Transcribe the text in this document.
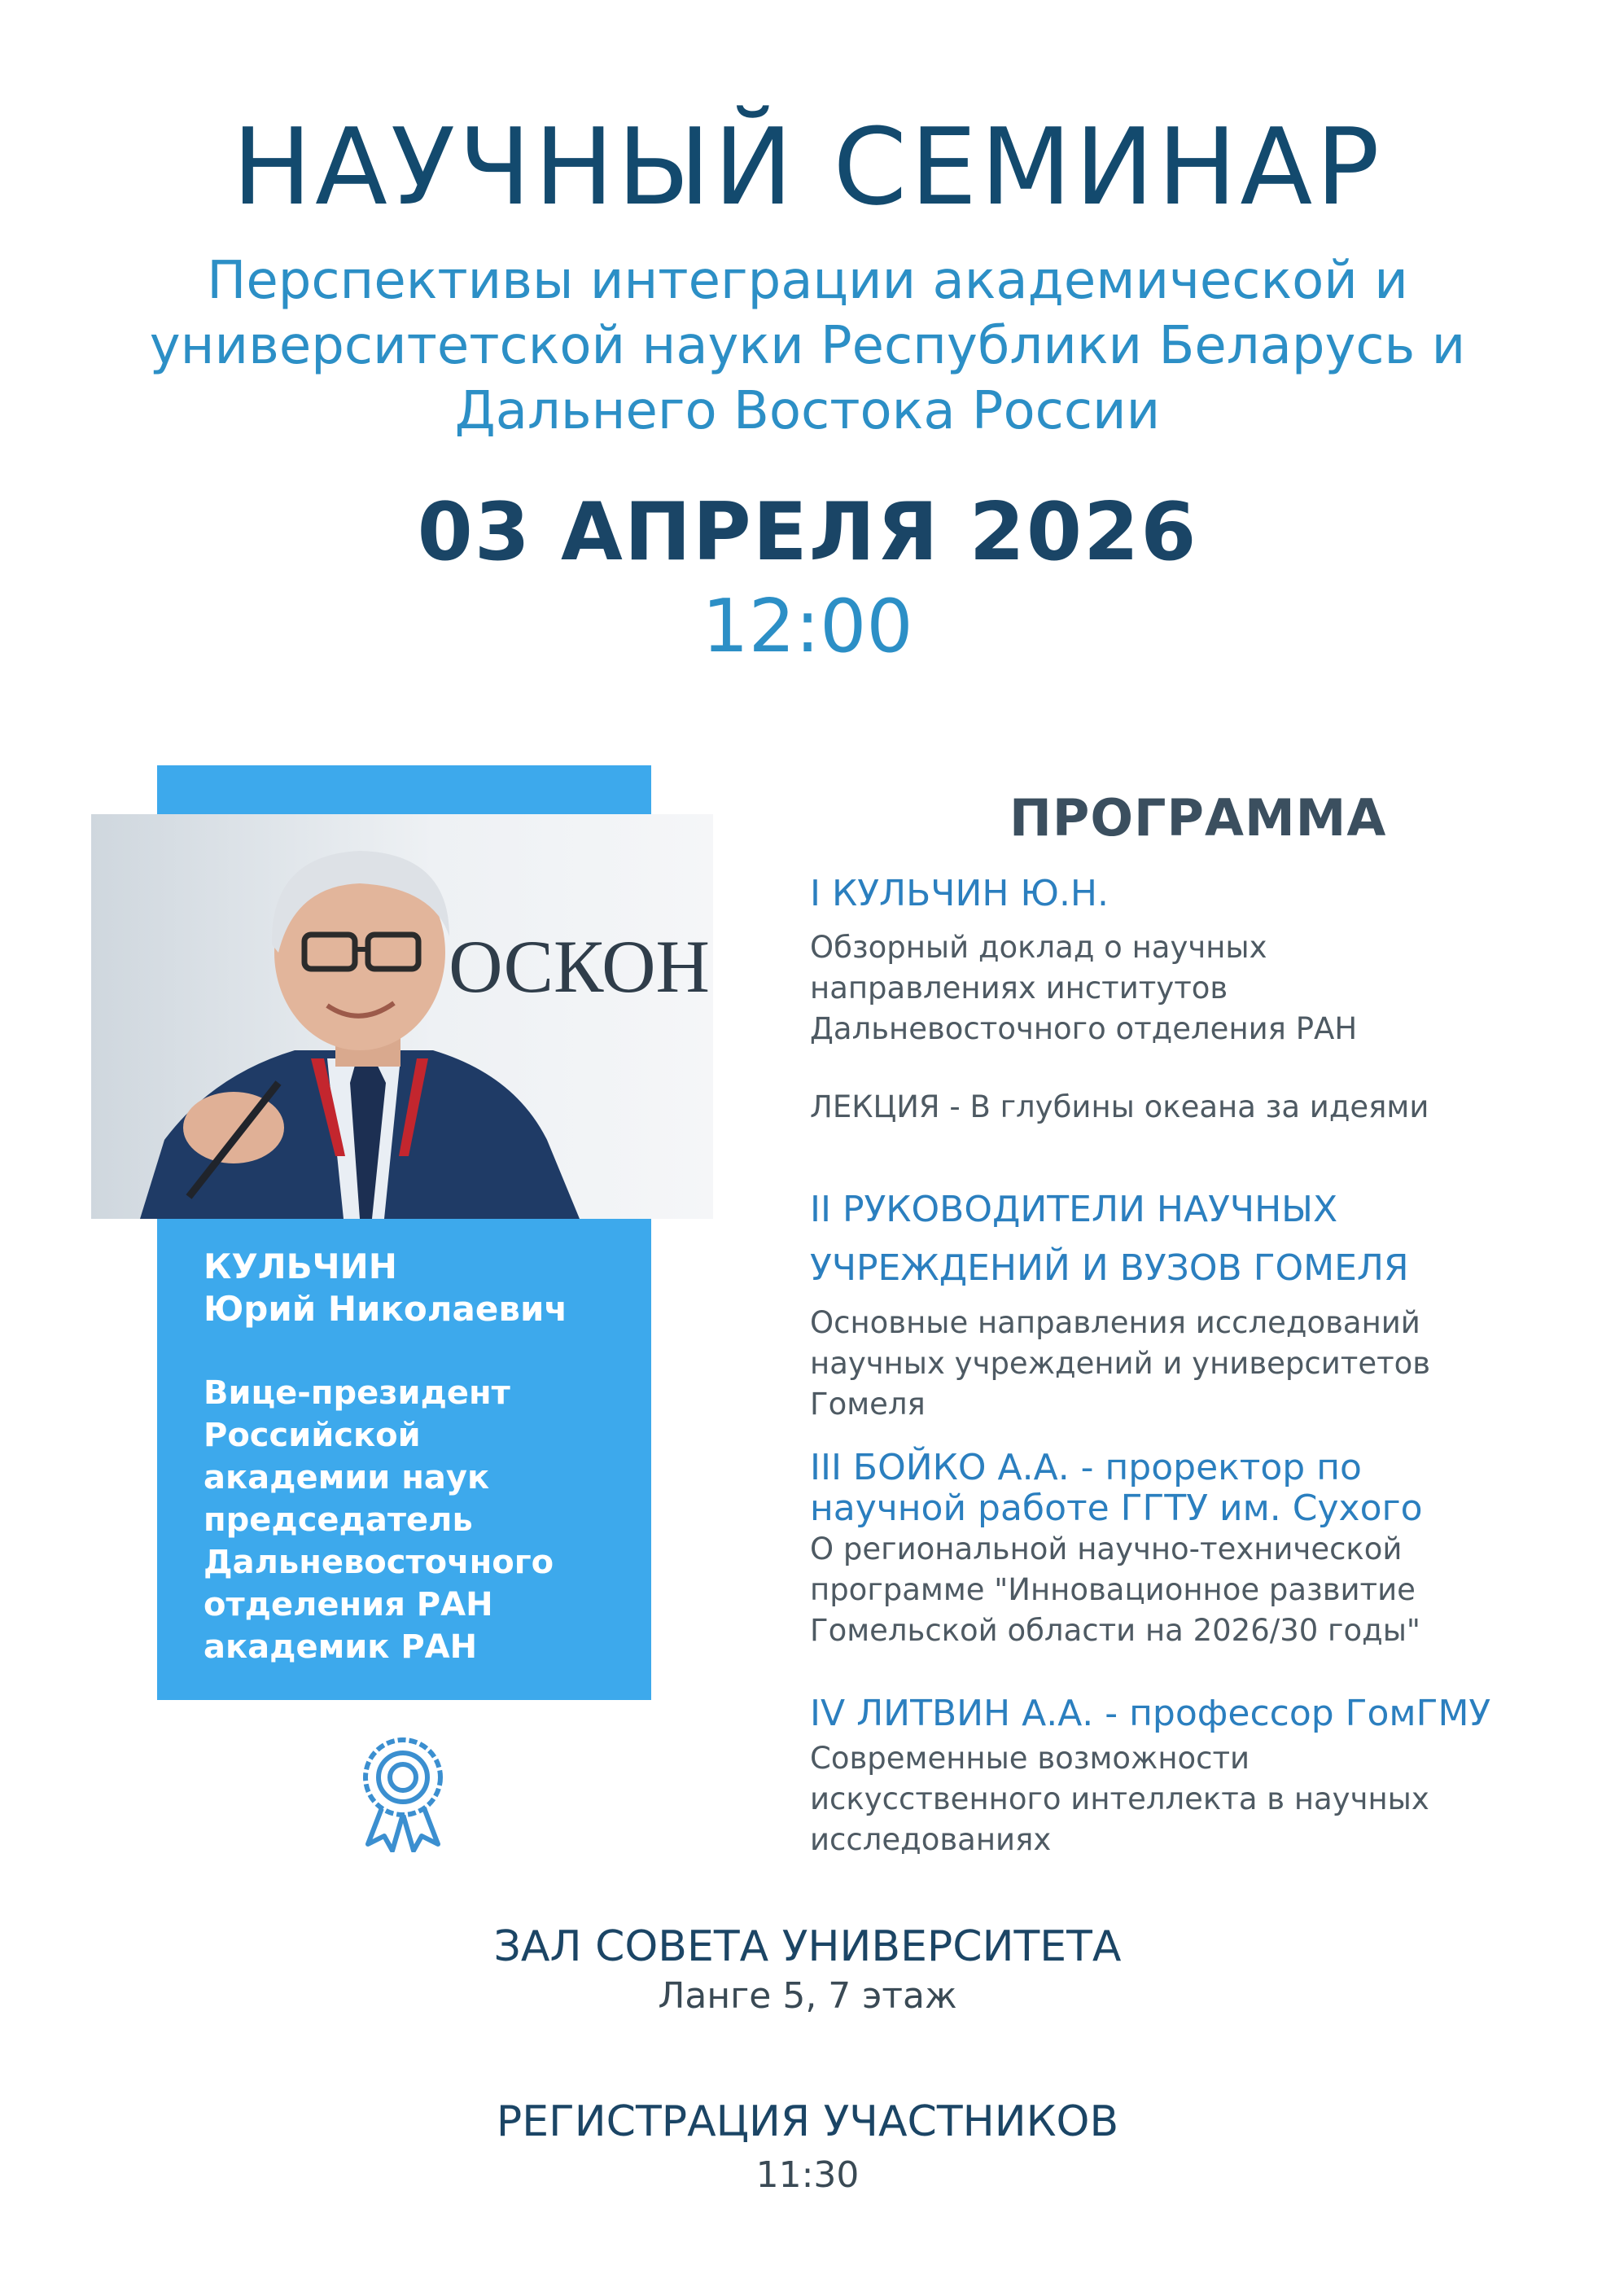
НАУЧНЫЙ СЕМИНАР
Перспективы интеграции академической и
университетской науки Республики Беларусь и
Дальнего Востока России
03 АПРЕЛЯ 2026
12:00
ОСКОН
КУЛЬЧИН
Юрий Николаевич
Вице-президент
Российской
академии наук
председатель
Дальневосточного
отделения РАН
академик РАН
ПРОГРАММА
I КУЛЬЧИН Ю.Н.
Обзорный доклад о научных
направлениях институтов
Дальневосточного отделения РАН
ЛЕКЦИЯ - В глубины океана за идеями
II РУКОВОДИТЕЛИ НАУЧНЫХ
УЧРЕЖДЕНИЙ И ВУЗОВ ГОМЕЛЯ
Основные направления исследований
научных учреждений и университетов
Гомеля
III БОЙКО А.А. - проректор по
научной работе ГГТУ им. Сухого
О региональной научно-технической
программе "Инновационное развитие
Гомельской области на 2026/30 годы"
IV ЛИТВИН А.А. - профессор ГомГМУ
Современные возможности
искусственного интеллекта в научных
исследованиях
ЗАЛ СОВЕТА УНИВЕРСИТЕТА
Ланге 5, 7 этаж
РЕГИСТРАЦИЯ УЧАСТНИКОВ
11:30
